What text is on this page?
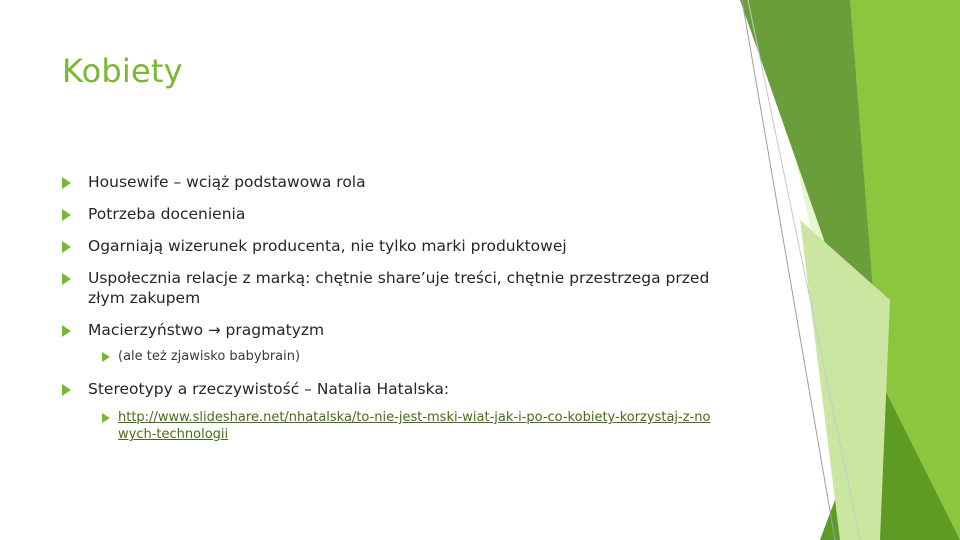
Kobiety
Housewife – wciąż podstawowa rola
Potrzeba docenienia
Ogarniają wizerunek producenta, nie tylko marki produktowej
Uspołecznia relacje z marką: chętnie share’uje treści, chętnie przestrzega przed złym zakupem
Macierzyństwo → pragmatyzm
(ale też zjawisko babybrain)
Stereotypy a rzeczywistość – Natalia Hatalska:
http://www.slideshare.net/nhatalska/to-nie-jest-mski-wiat-jak-i-po-co-kobiety-korzystaj-z-nowych-technologii
